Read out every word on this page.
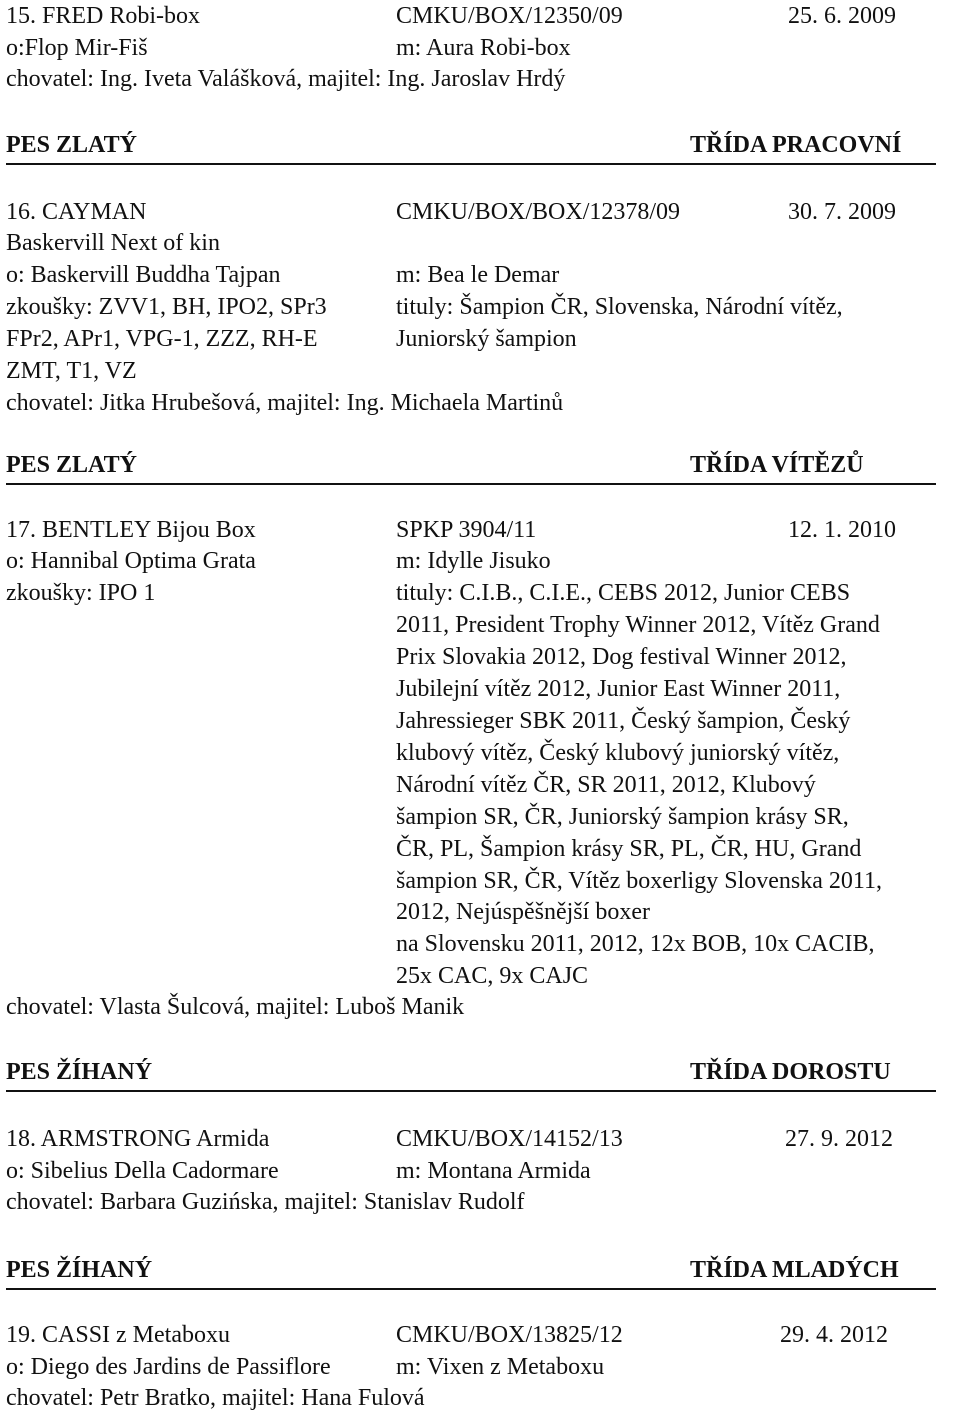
15. FRED Robi-box	CMKU/BOX/12350/09	25. 6. 2009
o:Flop Mir-Fiš	m: Aura Robi-box
chovatel: Ing. Iveta Valášková, majitel: Ing. Jaroslav Hrdý
PES ZLATÝ	TŘÍDA PRACOVNÍ
16. CAYMAN	CMKU/BOX/BOX/12378/09	30. 7. 2009
Baskervill Next of kin
o: Baskervill Buddha Tajpan	m: Bea le Demar
zkoušky: ZVV1, BH, IPO2, SPr3	tituly: Šampion ČR, Slovenska, Národní vítěz,
FPr2, APr1, VPG-1, ZZZ, RH-E	Juniorský šampion
ZMT, T1, VZ
chovatel: Jitka Hrubešová, majitel: Ing. Michaela Martinů
PES ZLATÝ	TŘÍDA VÍTĚZŮ
17. BENTLEY Bijou Box	SPKP 3904/11	12. 1. 2010
o: Hannibal Optima Grata	m: Idylle Jisuko
zkoušky: IPO 1	tituly: C.I.B., C.I.E., CEBS 2012, Junior CEBS
2011, President Trophy Winner 2012, Vítěz Grand
Prix Slovakia 2012, Dog festival Winner 2012,
Jubilejní vítěz 2012, Junior East Winner 2011,
Jahressieger SBK 2011, Český šampion, Český
klubový vítěz, Český klubový juniorský vítěz,
Národní vítěz ČR, SR 2011, 2012, Klubový
šampion SR, ČR, Juniorský šampion krásy SR,
ČR, PL, Šampion krásy SR, PL, ČR, HU, Grand
šampion SR, ČR, Vítěz boxerligy Slovenska 2011,
2012, Nejúspěšnější boxer
na Slovensku 2011, 2012, 12x BOB, 10x CACIB,
25x CAC, 9x CAJC
chovatel: Vlasta Šulcová, majitel: Luboš Manik
PES ŽÍHANÝ	TŘÍDA DOROSTU
18. ARMSTRONG Armida	CMKU/BOX/14152/13	27. 9. 2012
o: Sibelius Della Cadormare	m: Montana Armida
chovatel: Barbara Guzińska, majitel: Stanislav Rudolf
PES ŽÍHANÝ	TŘÍDA MLADÝCH
19. CASSI z Metaboxu	CMKU/BOX/13825/12	29. 4. 2012
o: Diego des Jardins de Passiflore	m: Vixen z Metaboxu
chovatel: Petr Bratko, majitel: Hana Fulová
